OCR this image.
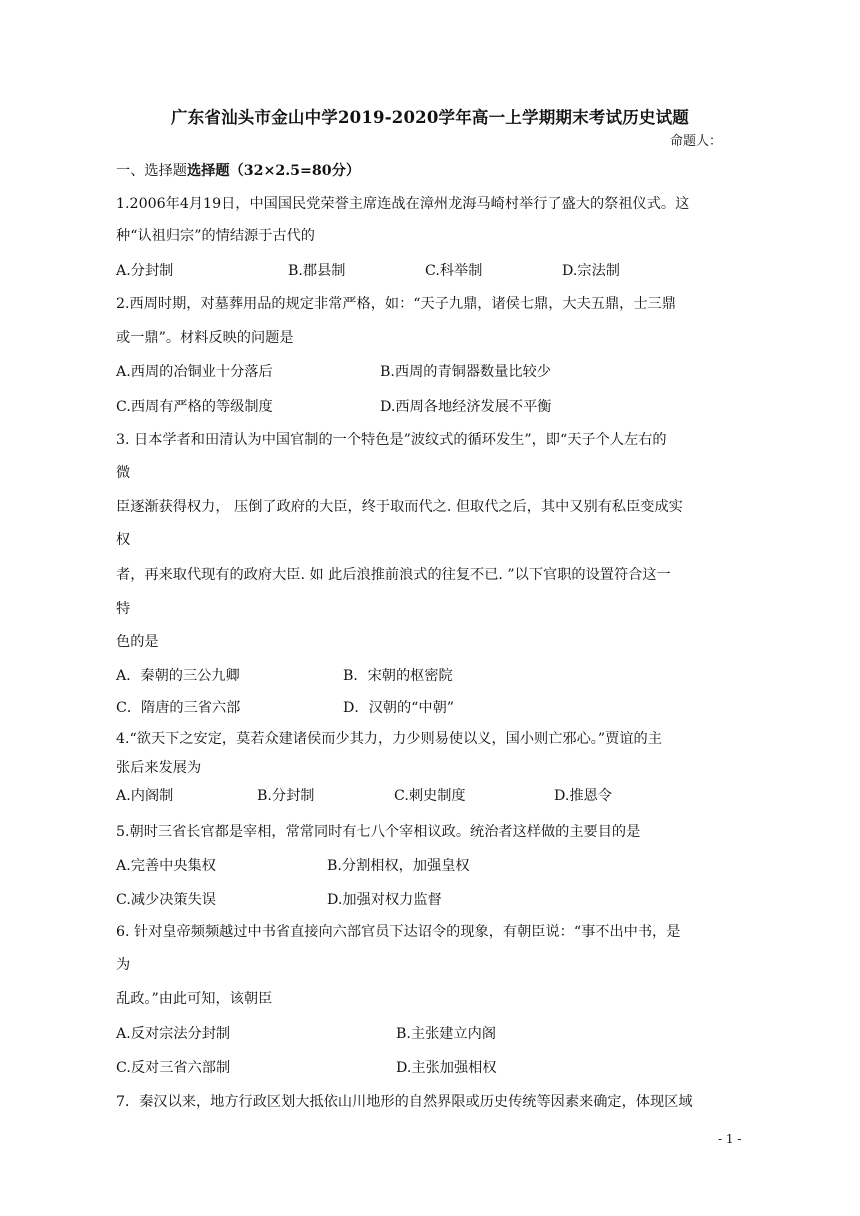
广东省汕头市金山中学2019-2020学年高一上学期期末考试历史试题
命题人：
一、选择题选择题（32×2.5=80分）
1.2006年4月19日，中国国民党荣誉主席连战在漳州龙海马崎村举行了盛大的祭祖仪式。这
种“认祖归宗”的情结源于古代的
A.分封制	B.郡县制	C.科举制	D.宗法制
2.西周时期，对墓葬用品的规定非常严格，如：“天子九鼎，诸侯七鼎，大夫五鼎，士三鼎
或一鼎”。材料反映的问题是
A.西周的冶铜业十分落后	B.西周的青铜器数量比较少
C.西周有严格的等级制度	D.西周各地经济发展不平衡
3. 日本学者和田清认为中国官制的一个特色是”波纹式的循环发生”，即“天子个人左右的
微
臣逐渐获得权力， 压倒了政府的大臣，终于取而代之. 但取代之后，其中又别有私臣变成实
权
者，再来取代现有的政府大臣. 如 此后浪推前浪式的往复不已. ”以下官职的设置符合这一
特
色的是
A．秦朝的三公九卿	B．宋朝的枢密院
C．隋唐的三省六部	D．汉朝的“中朝”
4.“欲天下之安定，莫若众建诸侯而少其力，力少则易使以义，国小则亡邪心。”贾谊的主
张后来发展为
A.内阁制	B.分封制	C.刺史制度	D.推恩令
5.朝时三省长官都是宰相，常常同时有七八个宰相议政。统治者这样做的主要目的是
A.完善中央集权	B.分割相权，加强皇权
C.减少决策失误	D.加强对权力监督
6. 针对皇帝频频越过中书省直接向六部官员下达诏令的现象，有朝臣说：“事不出中书，是
为
乱政。”由此可知，该朝臣
A.反对宗法分封制	B.主张建立内阁
C.反对三省六部制	D.主张加强相权
7．秦汉以来，地方行政区划大抵依山川地形的自然界限或历史传统等因素来确定，体现区域
- 1 -
